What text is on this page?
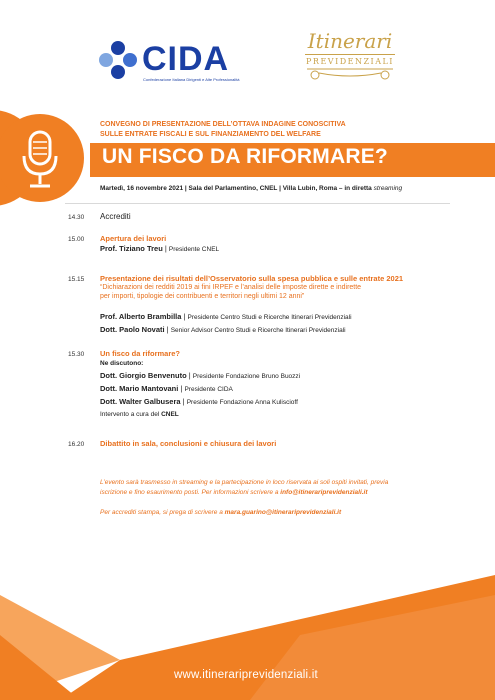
CIDA
Confederazione Italiana Dirigenti e Alte Professionalità
Itinerari
PREVIDENZIALI
CONVEGNO DI PRESENTAZIONE DELL’OTTAVA INDAGINE CONOSCITIVA
SULLE ENTRATE FISCALI E SUL FINANZIAMENTO DEL WELFARE
UN FISCO DA RIFORMARE?
Martedì, 16 novembre 2021 | Sala del Parlamentino, CNEL | Villa Lubin, Roma – in diretta streaming
14.30 Accrediti
15.00 Apertura dei lavori
Prof. Tiziano Treu | Presidente CNEL
15.15 Presentazione dei risultati dell’Osservatorio sulla spesa pubblica e sulle entrate 2021
“Dichiarazioni dei redditi 2019 ai fini IRPEF e l’analisi delle imposte dirette e indirette
per importi, tipologie dei contribuenti e territori negli ultimi 12 anni”
Prof. Alberto Brambilla | Presidente Centro Studi e Ricerche Itinerari Previdenziali
Dott. Paolo Novati | Senior Advisor Centro Studi e Ricerche Itinerari Previdenziali
15.30 Un fisco da riformare?
Ne discutono:
Dott. Giorgio Benvenuto | Presidente Fondazione Bruno Buozzi
Dott. Mario Mantovani | Presidente CIDA
Dott. Walter Galbusera | Presidente Fondazione Anna Kuliscioff
Intervento a cura del CNEL
16.20 Dibattito in sala, conclusioni e chiusura dei lavori
L’evento sarà trasmesso in streaming e la partecipazione in loco riservata ai soli ospiti invitati, previa
iscrizione e fino esaurimento posti. Per informazioni scrivere a info@itinerariprevidenziali.it
Per accrediti stampa, si prega di scrivere a mara.guarino@itinerariprevidenziali.it
www.itinerariprevidenziali.it
